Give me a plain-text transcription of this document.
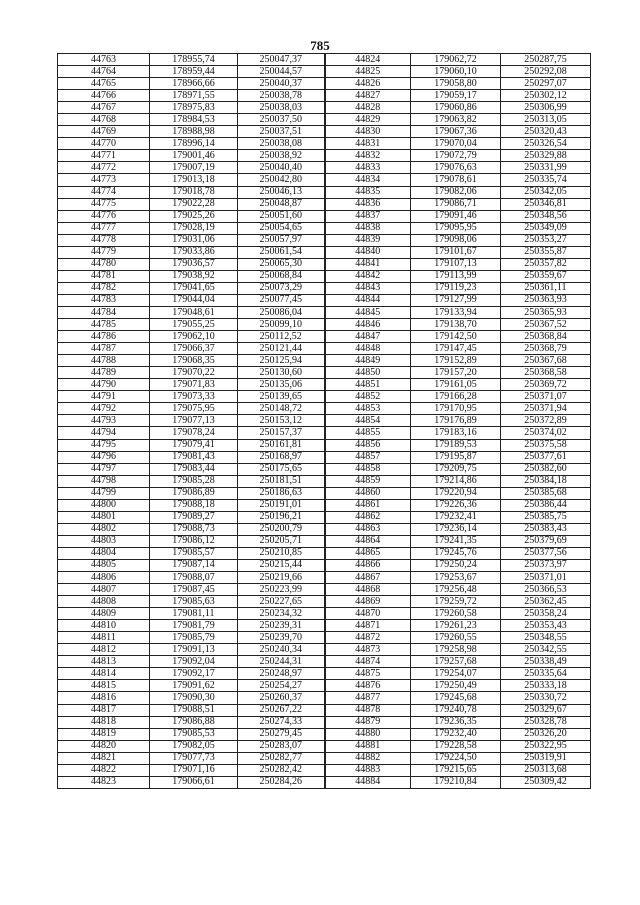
785
44763	178955,74	250047,37	44824	179062,72	250287,75
44764	178959,44	250044,57	44825	179060,10	250292,08
44765	178966,66	250040,37	44826	179058,80	250297,07
44766	178971,55	250038,78	44827	179059,17	250302,12
44767	178975,83	250038,03	44828	179060,86	250306,99
44768	178984,53	250037,50	44829	179063,82	250313,05
44769	178988,98	250037,51	44830	179067,36	250320,43
44770	178996,14	250038,08	44831	179070,04	250326,54
44771	179001,46	250038,92	44832	179072,79	250329,88
44772	179007,19	250040,40	44833	179076,63	250331,99
44773	179013,18	250042,80	44834	179078,61	250335,74
44774	179018,78	250046,13	44835	179082,06	250342,05
44775	179022,28	250048,87	44836	179086,71	250346,81
44776	179025,26	250051,60	44837	179091,46	250348,56
44777	179028,19	250054,65	44838	179095,95	250349,09
44778	179031,06	250057,97	44839	179098,06	250353,27
44779	179033,86	250061,54	44840	179101,67	250355,87
44780	179036,57	250065,30	44841	179107,13	250357,82
44781	179038,92	250068,84	44842	179113,99	250359,67
44782	179041,65	250073,29	44843	179119,23	250361,11
44783	179044,04	250077,45	44844	179127,99	250363,93
44784	179048,61	250086,04	44845	179133,94	250365,93
44785	179055,25	250099,10	44846	179138,70	250367,52
44786	179062,10	250112,52	44847	179142,50	250368,84
44787	179066,37	250121,44	44848	179147,45	250368,79
44788	179068,35	250125,94	44849	179152,89	250367,68
44789	179070,22	250130,60	44850	179157,20	250368,58
44790	179071,83	250135,06	44851	179161,05	250369,72
44791	179073,33	250139,65	44852	179166,28	250371,07
44792	179075,95	250148,72	44853	179170,95	250371,94
44793	179077,13	250153,12	44854	179176,89	250372,89
44794	179078,24	250157,37	44855	179183,16	250374,02
44795	179079,41	250161,81	44856	179189,53	250375,58
44796	179081,43	250168,97	44857	179195,87	250377,61
44797	179083,44	250175,65	44858	179209,75	250382,60
44798	179085,28	250181,51	44859	179214,86	250384,18
44799	179086,89	250186,63	44860	179220,94	250385,68
44800	179088,18	250191,01	44861	179226,36	250386,44
44801	179089,27	250196,21	44862	179232,41	250385,75
44802	179088,73	250200,79	44863	179236,14	250383,43
44803	179086,12	250205,71	44864	179241,35	250379,69
44804	179085,57	250210,85	44865	179245,76	250377,56
44805	179087,14	250215,44	44866	179250,24	250373,97
44806	179088,07	250219,66	44867	179253,67	250371,01
44807	179087,45	250223,99	44868	179256,48	250366,53
44808	179085,63	250227,65	44869	179259,72	250362,45
44809	179081,11	250234,32	44870	179260,58	250358,24
44810	179081,79	250239,31	44871	179261,23	250353,43
44811	179085,79	250239,70	44872	179260,55	250348,55
44812	179091,13	250240,34	44873	179258,98	250342,55
44813	179092,04	250244,31	44874	179257,68	250338,49
44814	179092,17	250248,97	44875	179254,07	250335,64
44815	179091,62	250254,27	44876	179250,49	250333,18
44816	179090,30	250260,37	44877	179245,68	250330,72
44817	179088,51	250267,22	44878	179240,78	250329,67
44818	179086,88	250274,33	44879	179236,35	250328,78
44819	179085,53	250279,45	44880	179232,40	250326,20
44820	179082,05	250283,07	44881	179228,58	250322,95
44821	179077,73	250282,77	44882	179224,50	250319,91
44822	179071,16	250282,42	44883	179215,65	250313,68
44823	179066,61	250284,26	44884	179210,84	250309,42
